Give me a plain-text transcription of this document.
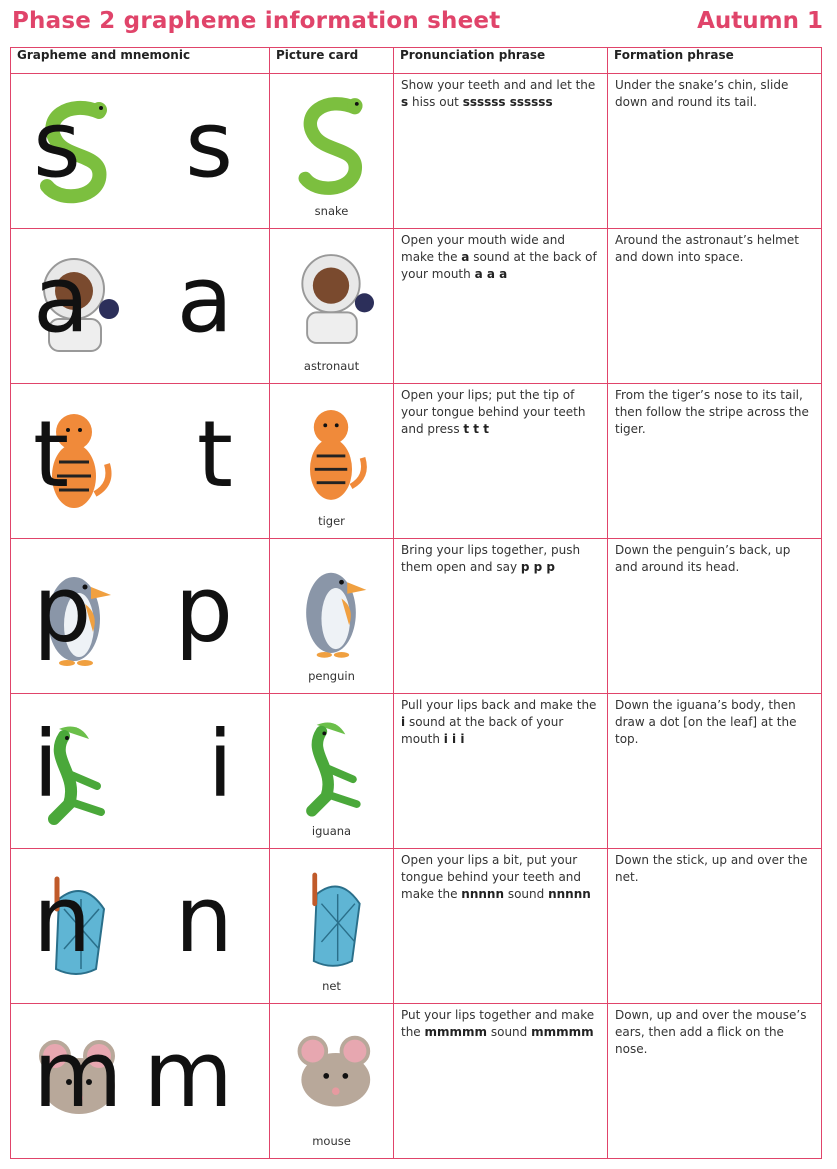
Phase 2 grapheme information sheet	Autumn 1
Grapheme and mnemonic	Picture card	Pronunciation phrase	Formation phrase

s s	snake	Show your teeth and and let the s hiss out ssssss ssssss	Under the snake’s chin, slide down and round its tail.

a a	astronaut	Open your mouth wide and make the a sound at the back of your mouth a a a	Around the astronaut’s helmet and down into space.

t t	tiger	Open your lips; put the tip of your tongue behind your teeth and press t t t	From the tiger’s nose to its tail, then follow the stripe across the tiger.

p p	penguin	Bring your lips together, push them open and say p p p	Down the penguin’s back, up and around its head.

i i	iguana	Pull your lips back and make the i sound at the back of your mouth i i i	Down the iguana’s body, then draw a dot [on the leaf] at the top.

n n	net	Open your lips a bit, put your tongue behind your teeth and make the nnnnn sound nnnnn	Down the stick, up and over the net.

m m	mouse	Put your lips together and make the mmmmm sound mmmmm	Down, up and over the mouse’s ears, then add a flick on the nose.
